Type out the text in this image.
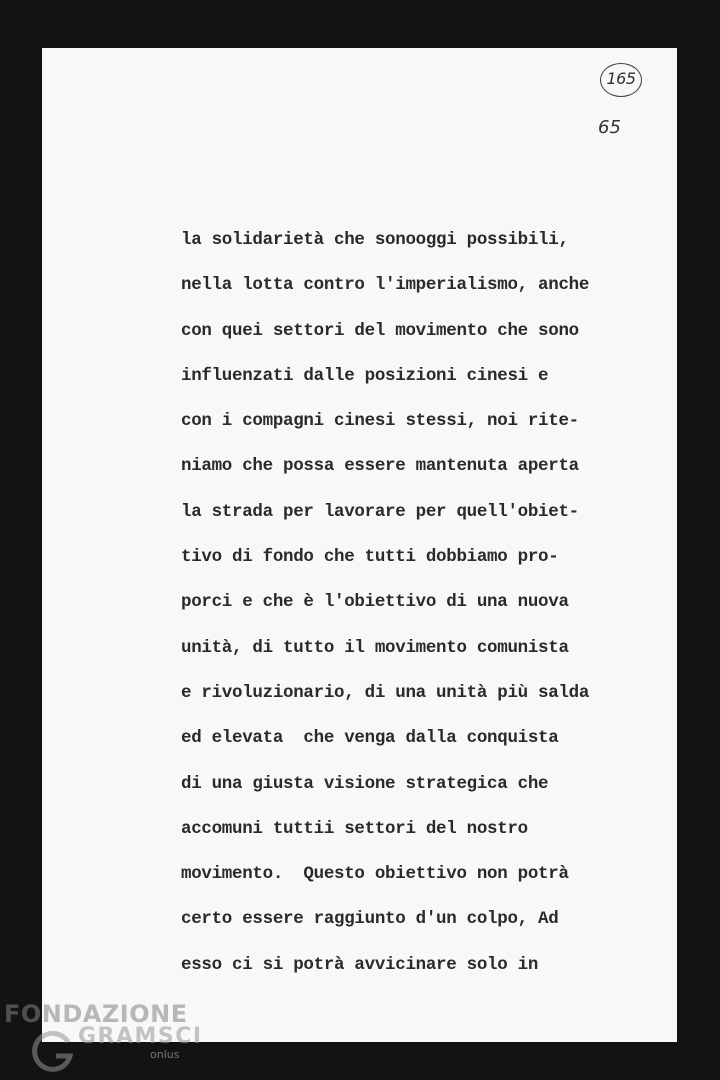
165
65
la solidarietà che sonooggi possibili,
nella lotta contro l'imperialismo, anche
con quei settori del movimento che sono
influenzati dalle posizioni cinesi e
con i compagni cinesi stessi, noi rite-
niamo che possa essere mantenuta aperta
la strada per lavorare per quell'obiet-
tivo di fondo che tutti dobbiamo pro-
porci e che è l'obiettivo di una nuova
unità, di tutto il movimento comunista
e rivoluzionario, di una unità più salda
ed elevata  che venga dalla conquista
di una giusta visione strategica che
accomuni tuttii settori del nostro
movimento.  Questo obiettivo non potrà
certo essere raggiunto d'un colpo, Ad
esso ci si potrà avvicinare solo in
FONDAZIONE
GRAMSCI
onlus
